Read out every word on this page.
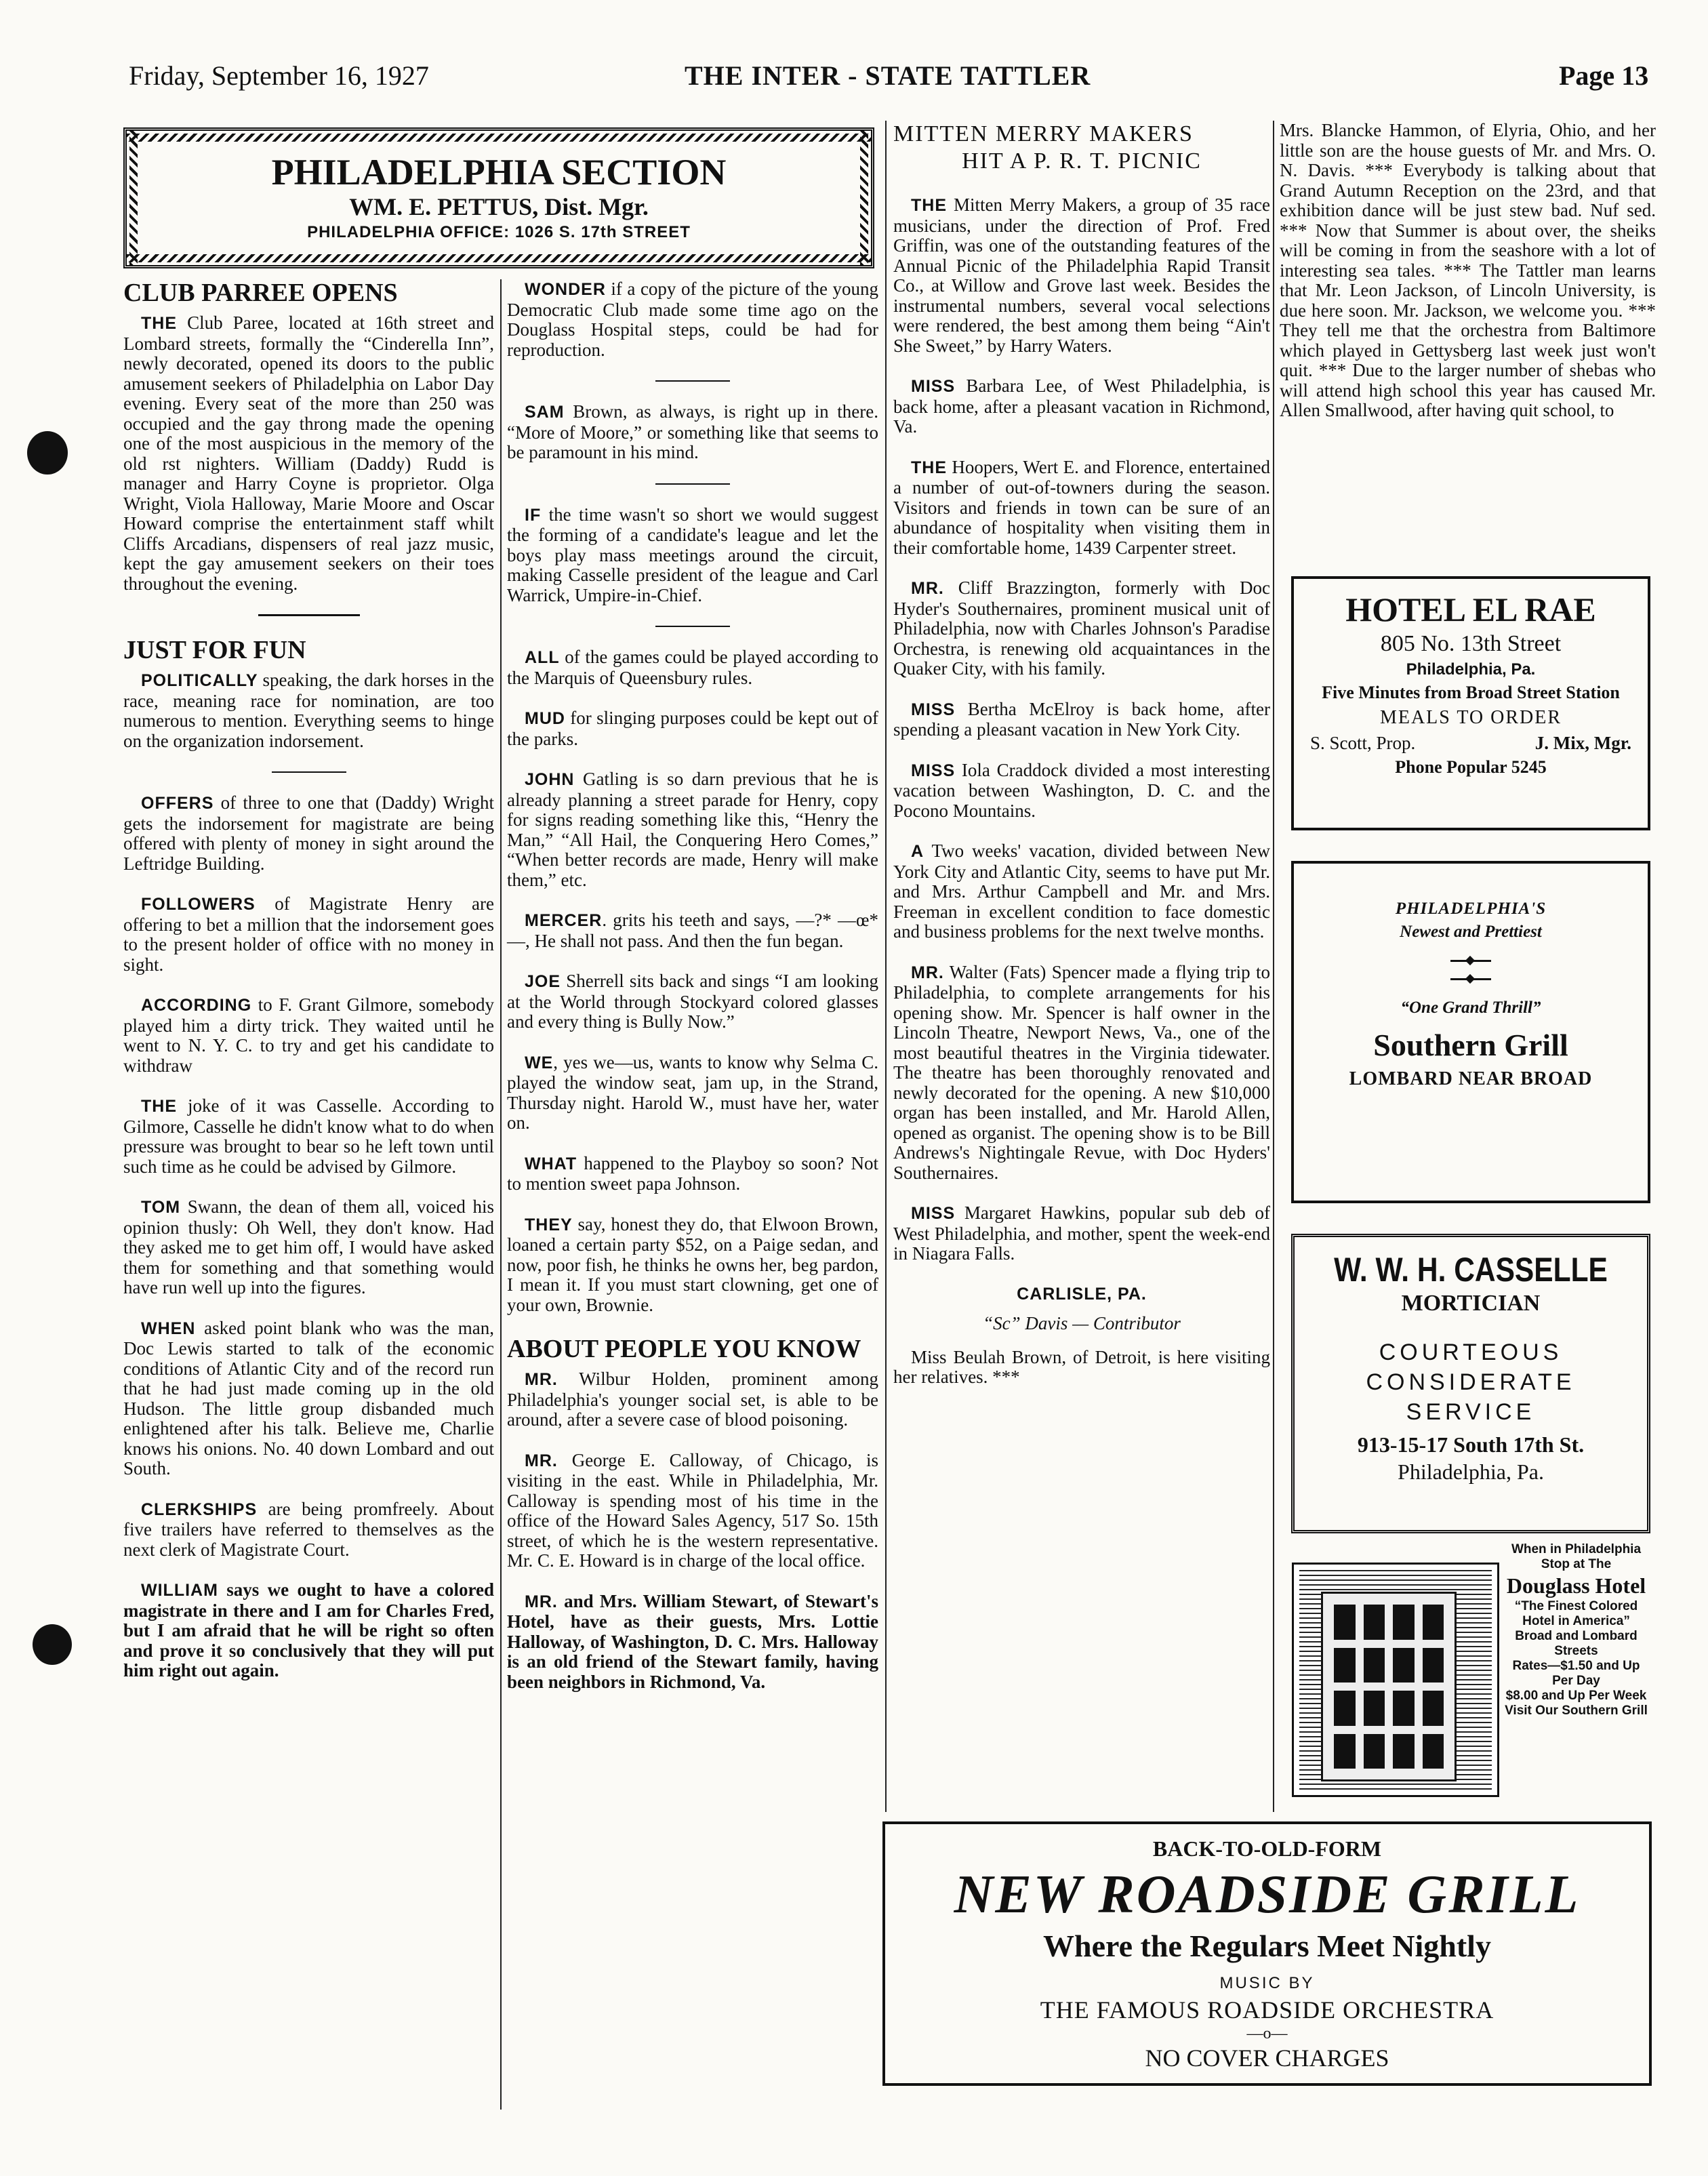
Friday, September 16, 1927	THE INTER - STATE TATTLER	Page 13
PHILADELPHIA SECTION
WM. E. PETTUS, Dist. Mgr.
PHILADELPHIA OFFICE: 1026 S. 17th STREET
CLUB PARREE OPENS

THE Club Paree, located at 16th street and Lombard streets, formally the “Cinderella Inn”, newly decorated, opened its doors to the public amusement seekers of Philadelphia on Labor Day evening. Every seat of the more than 250 was occupied and the gay throng made the opening one of the most auspicious in the memory of the old rst nighters. William (Daddy) Rudd is manager and Harry Coyne is proprietor. Olga Wright, Viola Halloway, Marie Moore and Oscar Howard comprise the entertainment staff whilt Cliffs Arcadians, dispensers of real jazz music, kept the gay amusement seekers on their toes throughout the evening.

JUST FOR FUN

POLITICALLY speaking, the dark horses in the race, meaning race for nomination, are too numerous to mention. Everything seems to hinge on the organization indorsement.

OFFERS of three to one that (Daddy) Wright gets the indorsement for magistrate are being offered with plenty of money in sight around the Leftridge Building.

FOLLOWERS of Magistrate Henry are offering to bet a million that the indorsement goes to the present holder of office with no money in sight.

ACCORDING to F. Grant Gilmore, somebody played him a dirty trick. They waited until he went to N. Y. C. to try and get his candidate to withdraw

THE joke of it was Casselle. According to Gilmore, Casselle he didn't know what to do when pressure was brought to bear so he left town until such time as he could be advised by Gilmore.

TOM Swann, the dean of them all, voiced his opinion thusly: Oh Well, they don't know. Had they asked me to get him off, I would have asked them for something and that something would have run well up into the figures.

WHEN asked point blank who was the man, Doc Lewis started to talk of the economic conditions of Atlantic City and of the record run that he had just made coming up in the old Hudson. The little group disbanded much enlightened after his talk. Believe me, Charlie knows his onions. No. 40 down Lombard and out South.

CLERKSHIPS are being promfreely. About five trailers have referred to themselves as the next clerk of Magistrate Court.

WILLIAM says we ought to have a colored magistrate in there and I am for Charles Fred, but I am afraid that he will be right so often and prove it so conclusively that they will put him right out again.

WONDER if a copy of the picture of the young Democratic Club made some time ago on the Douglass Hospital steps, could be had for reproduction.

SAM Brown, as always, is right up in there. “More of Moore,” or something like that seems to be paramount in his mind.

IF the time wasn't so short we would suggest the forming of a candidate's league and let the boys play mass meetings around the circuit, making Casselle president of the league and Carl Warrick, Umpire-in-Chief.

ALL of the games could be played according to the Marquis of Queensbury rules.

MUD for slinging purposes could be kept out of the parks.

JOHN Gatling is so darn previous that he is already planning a street parade for Henry, copy for signs reading something like this, “Henry the Man,” “All Hail, the Conquering Hero Comes,” “When better records are made, Henry will make them,” etc.

MERCER. grits his teeth and says, —?* —œ*—, He shall not pass. And then the fun began.

JOE Sherrell sits back and sings “I am looking at the World through Stockyard colored glasses and every thing is Bully Now.”

WE, yes we—us, wants to know why Selma C. played the window seat, jam up, in the Strand, Thursday night. Harold W., must have her, water on.

WHAT happened to the Playboy so soon? Not to mention sweet papa Johnson.

THEY say, honest they do, that Elwoon Brown, loaned a certain party $52, on a Paige sedan, and now, poor fish, he thinks he owns her, beg pardon, I mean it. If you must start clowning, get one of your own, Brownie.

ABOUT PEOPLE YOU KNOW

MR. Wilbur Holden, prominent among Philadelphia's younger social set, is able to be around, after a severe case of blood poisoning.

MR. George E. Calloway, of Chicago, is visiting in the east. While in Philadelphia, Mr. Calloway is spending most of his time in the office of the Howard Sales Agency, 517 So. 15th street, of which he is the western representative. Mr. C. E. Howard is in charge of the local office.

MR. and Mrs. William Stewart, of Stewart's Hotel, have as their guests, Mrs. Lottie Halloway, of Washington, D. C. Mrs. Halloway is an old friend of the Stewart family, having been neighbors in Richmond, Va.

MITTEN MERRY MAKERS
HIT A P. R. T. PICNIC

THE Mitten Merry Makers, a group of 35 race musicians, under the direction of Prof. Fred Griffin, was one of the outstanding features of the Annual Picnic of the Philadelphia Rapid Transit Co., at Willow and Grove last week. Besides the instrumental numbers, several vocal selections were rendered, the best among them being “Ain't She Sweet,” by Harry Waters.

MISS Barbara Lee, of West Philadelphia, is back home, after a pleasant vacation in Richmond, Va.

THE Hoopers, Wert E. and Florence, entertained a number of out-of-towners during the season. Visitors and friends in town can be sure of an abundance of hospitality when visiting them in their comfortable home, 1439 Carpenter street.

MR. Cliff Brazzington, formerly with Doc Hyder's Southernaires, prominent musical unit of Philadelphia, now with Charles Johnson's Paradise Orchestra, is renewing old acquaintances in the Quaker City, with his family.

MISS Bertha McElroy is back home, after spending a pleasant vacation in New York City.

MISS Iola Craddock divided a most interesting vacation between Washington, D. C. and the Pocono Mountains.

A Two weeks' vacation, divided between New York City and Atlantic City, seems to have put Mr. and Mrs. Arthur Campbell and Mr. and Mrs. Freeman in excellent condition to face domestic and business problems for the next twelve months.

MR. Walter (Fats) Spencer made a flying trip to Philadelphia, to complete arrangements for his opening show. Mr. Spencer is half owner in the Lincoln Theatre, Newport News, Va., one of the most beautiful theatres in the Virginia tidewater. The theatre has been thoroughly renovated and newly decorated for the opening. A new $10,000 organ has been installed, and Mr. Harold Allen, opened as organist. The opening show is to be Bill Andrews's Nightingale Revue, with Doc Hyders' Southernaires.

MISS Margaret Hawkins, popular sub deb of West Philadelphia, and mother, spent the week-end in Niagara Falls.

CARLISLE, PA.

“Sc” Davis — Contributor

Miss Beulah Brown, of Detroit, is here visiting her relatives. ***

Mrs. Blancke Hammon, of Elyria, Ohio, and her little son are the house guests of Mr. and Mrs. O. N. Davis. *** Everybody is talking about that Grand Autumn Reception on the 23rd, and that exhibition dance will be just stew bad. Nuf sed. *** Now that Summer is about over, the sheiks will be coming in from the seashore with a lot of interesting sea tales. *** The Tattler man learns that Mr. Leon Jackson, of Lincoln University, is due here soon. Mr. Jackson, we welcome you. *** They tell me that the orchestra from Baltimore which played in Gettysberg last week just won't quit. *** Due to the larger number of shebas who will attend high school this year has caused Mr. Allen Smallwood, after having quit school, to

HOTEL EL RAE
805 No. 13th Street
Philadelphia, Pa.
Five Minutes from Broad Street Station
MEALS TO ORDER
S. Scott, Prop.	J. Mix, Mgr.
Phone Popular 5245
PHILADELPHIA'S
Newest and Prettiest
“One Grand Thrill”
Southern Grill
LOMBARD NEAR BROAD
W. W. H. CASSELLE
MORTICIAN
COURTEOUS
CONSIDERATE
SERVICE
913-15-17 South 17th St.
Philadelphia, Pa.
When in Philadelphia Stop at The
Douglass Hotel
“The Finest Colored Hotel in America”
Broad and Lombard Streets
Rates—$1.50 and Up Per Day
$8.00 and Up Per Week
Visit Our Southern Grill
BACK-TO-OLD-FORM
NEW ROADSIDE GRILL
Where the Regulars Meet Nightly
MUSIC BY
THE FAMOUS ROADSIDE ORCHESTRA
—o—
NO COVER CHARGES
